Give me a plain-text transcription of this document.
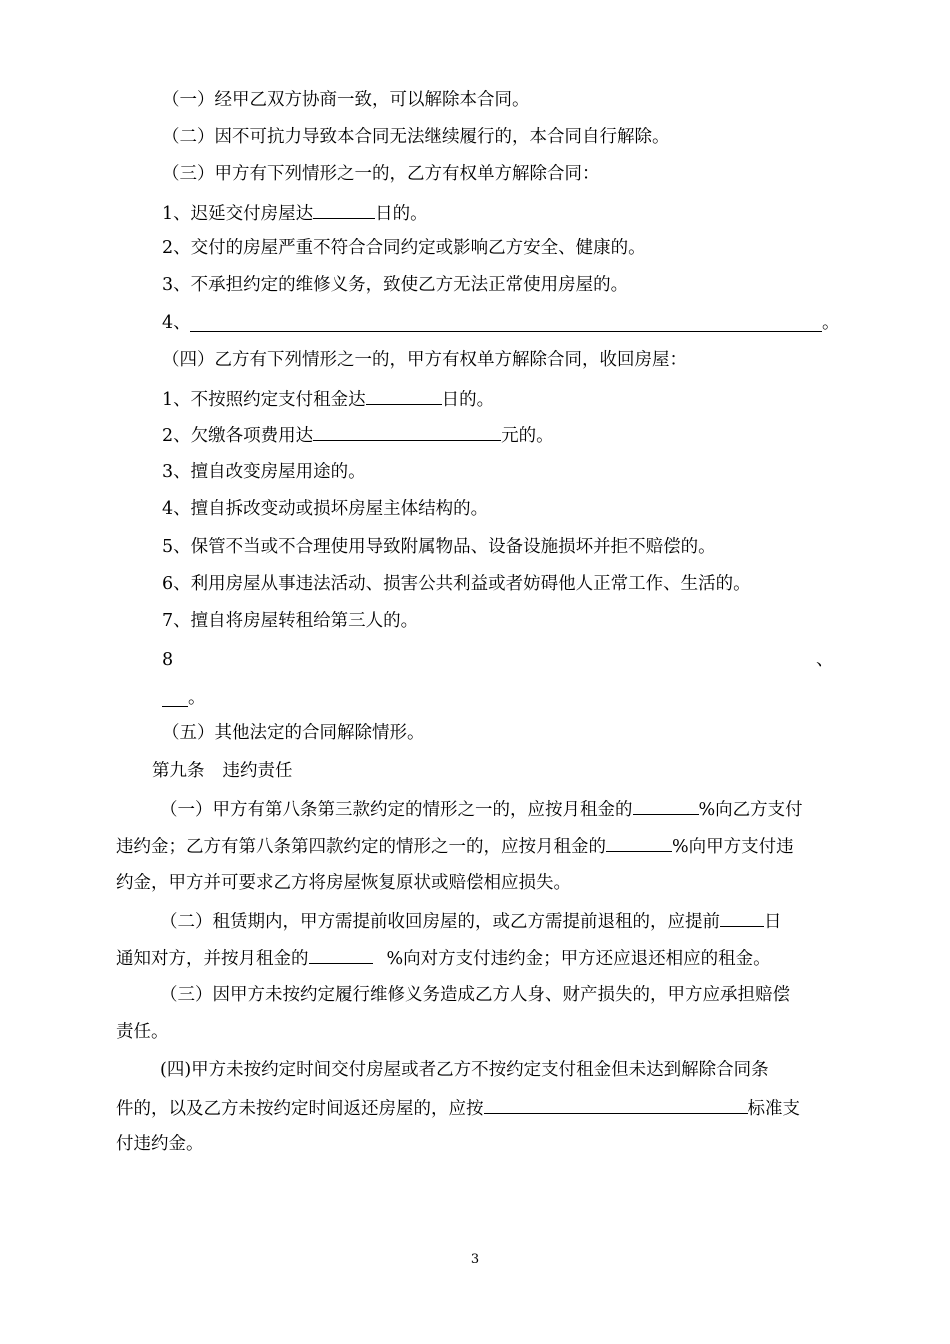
（一）经甲乙双方协商一致，可以解除本合同。
（二）因不可抗力导致本合同无法继续履行的，本合同自行解除。
（三）甲方有下列情形之一的，乙方有权单方解除合同：
1、迟延交付房屋达	日的。
2、交付的房屋严重不符合合同约定或影响乙方安全、健康的。
3、不承担约定的维修义务，致使乙方无法正常使用房屋的。
4、	。
（四）乙方有下列情形之一的，甲方有权单方解除合同，收回房屋：
1、不按照约定支付租金达	日的。
2、欠缴各项费用达	元的。
3、擅自改变房屋用途的。
4、擅自拆改变动或损坏房屋主体结构的。
5、保管不当或不合理使用导致附属物品、设备设施损坏并拒不赔偿的。
6、利用房屋从事违法活动、损害公共利益或者妨碍他人正常工作、生活的。
7、擅自将房屋转租给第三人的。
8	、
。
（五）其他法定的合同解除情形。
第九条 违约责任
（一）甲方有第八条第三款约定的情形之一的，应按月租金的	%向乙方支付
违约金；乙方有第八条第四款约定的情形之一的，应按月租金的	%向甲方支付违
约金，甲方并可要求乙方将房屋恢复原状或赔偿相应损失。
（二）租赁期内，甲方需提前收回房屋的，或乙方需提前退租的，应提前	日
通知对方，并按月租金的	%向对方支付违约金；甲方还应退还相应的租金。
（三）因甲方未按约定履行维修义务造成乙方人身、财产损失的，甲方应承担赔偿
责任。
(四)甲方未按约定时间交付房屋或者乙方不按约定支付租金但未达到解除合同条
件的，以及乙方未按约定时间返还房屋的，应按	标准支
付违约金。
3
